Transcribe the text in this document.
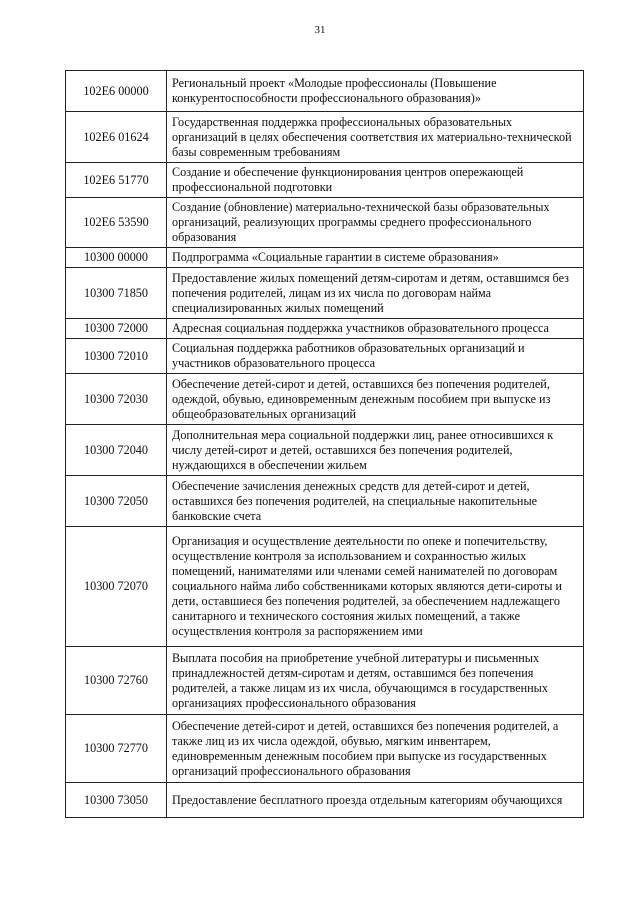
31
102Е6 00000	Региональный проект «Молодые профессионалы (Повышение конкурентоспособности профессионального образования)»
102Е6 01624	Государственная поддержка профессиональных образовательных организаций в целях обеспечения соответствия их материально-технической базы современным требованиям
102Е6 51770	Создание и обеспечение функционирования центров опережающей профессиональной подготовки
102Е6 53590	Создание (обновление) материально-технической базы образовательных организаций, реализующих программы среднего профессионального образования
10300 00000	Подпрограмма «Социальные гарантии в системе образования»
10300 71850	Предоставление жилых помещений детям-сиротам и детям, оставшимся без попечения родителей, лицам из их числа по договорам найма специализированных жилых помещений
10300 72000	Адресная социальная поддержка участников образовательного процесса
10300 72010	Социальная поддержка работников образовательных организаций и участников образовательного процесса
10300 72030	Обеспечение детей-сирот и детей, оставшихся без попечения родителей, одеждой, обувью, единовременным денежным пособием при выпуске из общеобразовательных организаций
10300 72040	Дополнительная мера социальной поддержки лиц, ранее относившихся к числу детей-сирот и детей, оставшихся без попечения родителей, нуждающихся в обеспечении жильем
10300 72050	Обеспечение зачисления денежных средств для детей-сирот и детей, оставшихся без попечения родителей, на специальные накопительные банковские счета
10300 72070	Организация и осуществление деятельности по опеке и попечительству, осуществление контроля за использованием и сохранностью жилых помещений, нанимателями или членами семей нанимателей по договорам социального найма либо собственниками которых являются дети-сироты и дети, оставшиеся без попечения родителей, за обеспечением надлежащего санитарного и технического состояния жилых помещений, а также осуществления контроля за распоряжением ими
10300 72760	Выплата пособия на приобретение учебной литературы и письменных принадлежностей детям-сиротам и детям, оставшимся без попечения родителей, а также лицам из их числа, обучающимся в государственных организациях профессионального образования
10300 72770	Обеспечение детей-сирот и детей, оставшихся без попечения родителей, а также лиц из их числа одеждой, обувью, мягким инвентарем, единовременным денежным пособием при выпуске из государственных организаций профессионального образования
10300 73050	Предоставление бесплатного проезда отдельным категориям обучающихся
